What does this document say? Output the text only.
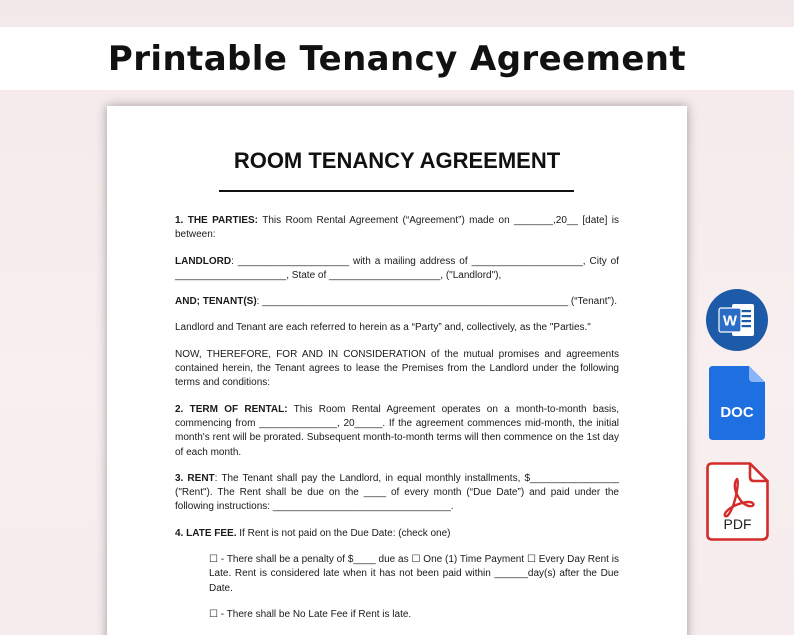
Printable Tenancy Agreement
ROOM TENANCY AGREEMENT

1. THE PARTIES: This Room Rental Agreement (“Agreement”) made on _______,20__ [date] is between:

LANDLORD: ____________________ with a mailing address of ____________________, City of ____________________, State of ____________________, ("Landlord"),

AND; TENANT(S): _______________________________________________________ (“Tenant”).

Landlord and Tenant are each referred to herein as a “Party” and, collectively, as the "Parties."

NOW, THEREFORE, FOR AND IN CONSIDERATION of the mutual promises and agreements contained herein, the Tenant agrees to lease the Premises from the Landlord under the following terms and conditions:

2. TERM OF RENTAL: This Room Rental Agreement operates on a month-to-month basis, commencing from ______________, 20_____. If the agreement commences mid-month, the initial month's rent will be prorated. Subsequent month-to-month terms will then commence on the 1st day of each month.

3. RENT: The Tenant shall pay the Landlord, in equal monthly installments, $________________ ("Rent"). The Rent shall be due on the ____ of every month (“Due Date”) and paid under the following instructions: ________________________________.

4. LATE FEE. If Rent is not paid on the Due Date: (check one)

☐ - There shall be a penalty of $____ due as ☐ One (1) Time Payment ☐ Every Day Rent is Late. Rent is considered late when it has not been paid within ______day(s) after the Due Date.

☐ - There shall be No Late Fee if Rent is late.

W
DOC
PDF
